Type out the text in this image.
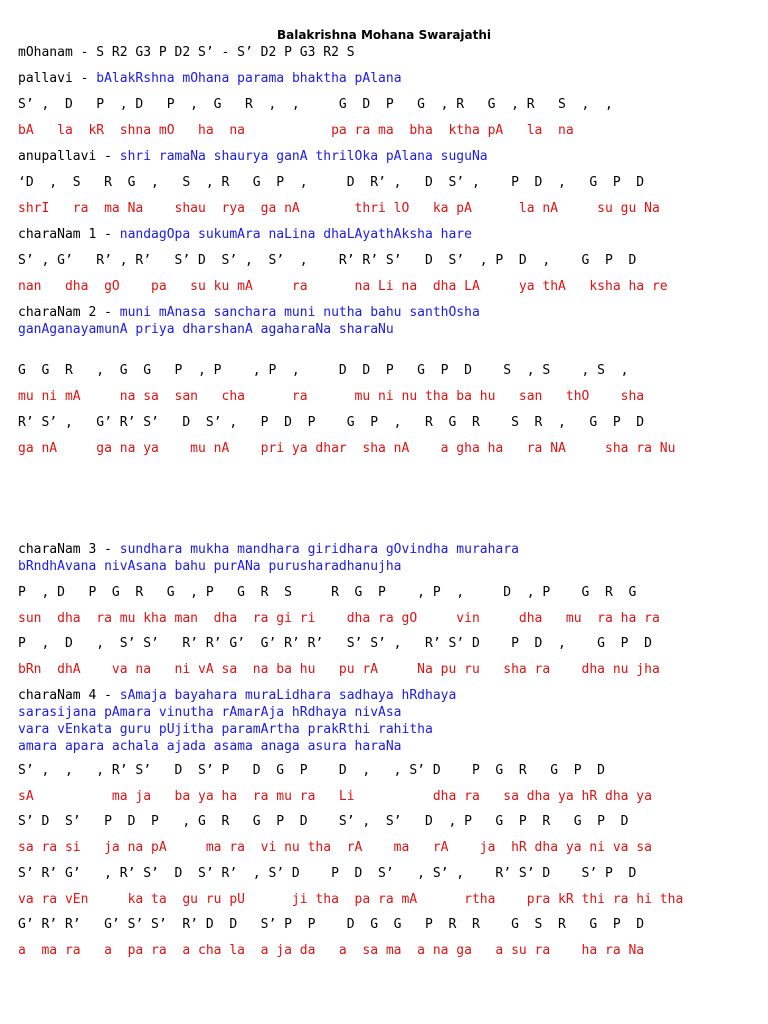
Balakrishna Mohana Swarajathi
mOhanam - S R2 G3 P D2 S’ - S’ D2 P G3 R2 S
pallavi - bAlakRshna mOhana parama bhaktha pAlana
S’ ,  D   P  , D   P  ,  G   R  ,  ,     G  D  P   G  , R   G  , R   S  ,  ,
bA   la  kR  shna mO   ha  na           pa ra ma  bha  ktha pA   la  na
anupallavi - shri ramaNa shaurya ganA thrilOka pAlana suguNa
‘D  ,  S   R  G  ,   S  , R   G  P  ,     D  R’ ,   D  S’ ,    P  D  ,   G  P  D
shrI   ra  ma Na    shau  rya  ga nA       thri lO   ka pA      la nA     su gu Na
charaNam 1 - nandagOpa sukumAra naLina dhaLAyathAksha hare
S’ , G’   R’ , R’   S’ D  S’ ,  S’  ,    R’ R’ S’   D  S’  , P  D  ,    G  P  D
nan   dha  gO    pa   su ku mA     ra      na Li na  dha LA     ya thA   ksha ha re
charaNam 2 - muni mAnasa sanchara muni nutha bahu santhOsha
ganAganayamunA priya dharshanA agaharaNa sharaNu
G  G  R   ,  G  G   P  , P    , P  ,     D  D  P   G  P  D    S  , S    , S  ,
mu ni mA     na sa  san   cha      ra      mu ni nu tha ba hu   san   thO    sha
R’ S’ ,   G’ R’ S’   D  S’ ,   P  D  P    G  P  ,   R  G  R    S  R  ,   G  P  D
ga nA     ga na ya    mu nA    pri ya dhar  sha nA    a gha ha   ra NA     sha ra Nu
charaNam 3 - sundhara mukha mandhara giridhara gOvindha murahara
bRndhAvana nivAsana bahu purANa purusharadhanujha
P  , D   P  G  R   G  , P   G  R  S     R  G  P    , P  ,     D  , P    G  R  G
sun  dha  ra mu kha man  dha  ra gi ri    dha ra gO     vin     dha   mu  ra ha ra
P  ,  D   ,  S’ S’   R’ R’ G’  G’ R’ R’   S’ S’ ,   R’ S’ D    P  D  ,    G  P  D
bRn  dhA    va na   ni vA sa  na ba hu   pu rA     Na pu ru   sha ra    dha nu jha
charaNam 4 - sAmaja bayahara muraLidhara sadhaya hRdhaya
sarasijana pAmara vinutha rAmarAja hRdhaya nivAsa
vara vEnkata guru pUjitha paramArtha prakRthi rahitha
amara apara achala ajada asama anaga asura haraNa
S’ ,  ,   , R’ S’   D  S’ P   D  G  P    D  ,   , S’ D    P  G  R   G  P  D
sA          ma ja   ba ya ha  ra mu ra   Li          dha ra   sa dha ya hR dha ya
S’ D  S’   P  D  P   , G  R   G  P  D    S’ ,  S’   D  , P   G  P  R   G  P  D
sa ra si   ja na pA     ma ra  vi nu tha  rA    ma   rA    ja  hR dha ya ni va sa
S’ R’ G’   , R’ S’  D  S’ R’  , S’ D    P  D  S’   , S’ ,    R’ S’ D    S’ P  D
va ra vEn     ka ta  gu ru pU      ji tha  pa ra mA      rtha    pra kR thi ra hi tha
G’ R’ R’   G’ S’ S’  R’ D  D   S’ P  P    D  G  G   P  R  R    G  S  R   G  P  D
a  ma ra   a  pa ra  a cha la  a ja da   a  sa ma  a na ga   a su ra    ha ra Na
